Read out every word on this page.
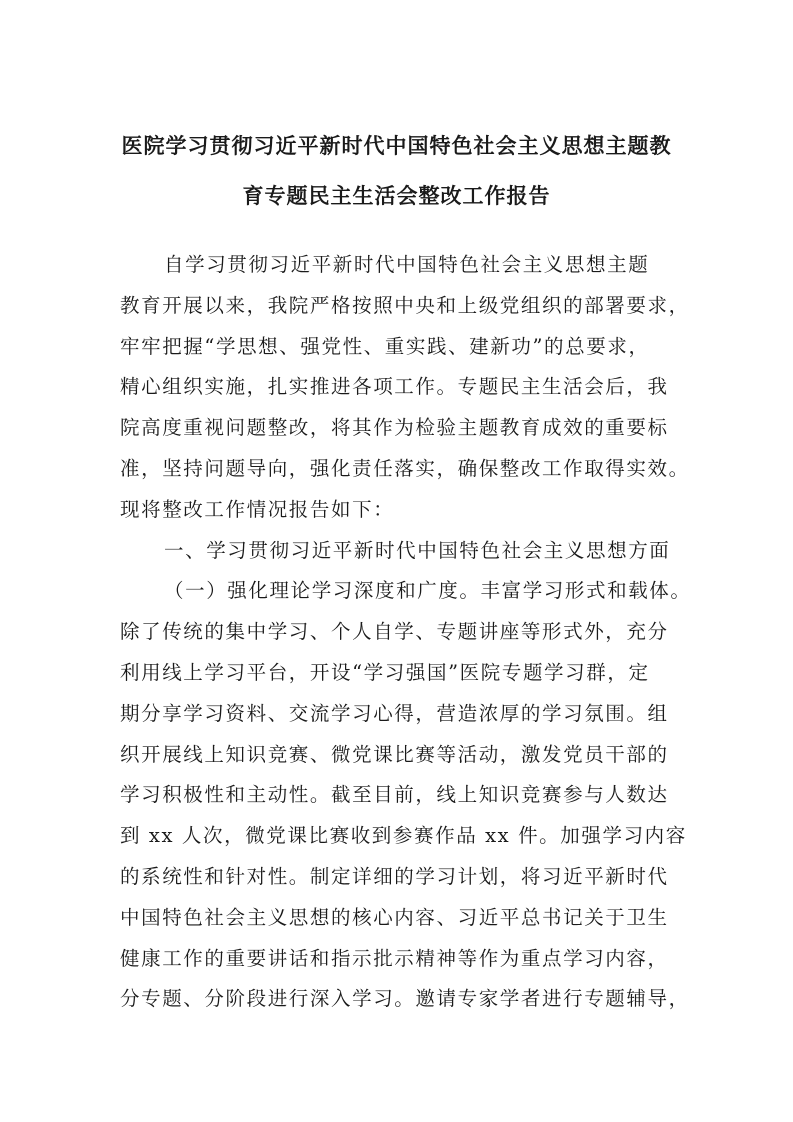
医院学习贯彻习近平新时代中国特色社会主义思想主题教
育专题民主生活会整改工作报告
自学习贯彻习近平新时代中国特色社会主义思想主题
教育开展以来，我院严格按照中央和上级党组织的部署要求，
牢牢把握“学思想、强党性、重实践、建新功”的总要求，
精心组织实施，扎实推进各项工作。专题民主生活会后，我
院高度重视问题整改，将其作为检验主题教育成效的重要标
准，坚持问题导向，强化责任落实，确保整改工作取得实效。
现将整改工作情况报告如下：
一、学习贯彻习近平新时代中国特色社会主义思想方面
（一）强化理论学习深度和广度。丰富学习形式和载体。
除了传统的集中学习、个人自学、专题讲座等形式外，充分
利用线上学习平台，开设“学习强国”医院专题学习群，定
期分享学习资料、交流学习心得，营造浓厚的学习氛围。组
织开展线上知识竞赛、微党课比赛等活动，激发党员干部的
学习积极性和主动性。截至目前，线上知识竞赛参与人数达
到 xx 人次，微党课比赛收到参赛作品 xx 件。加强学习内容
的系统性和针对性。制定详细的学习计划，将习近平新时代
中国特色社会主义思想的核心内容、习近平总书记关于卫生
健康工作的重要讲话和指示批示精神等作为重点学习内容，
分专题、分阶段进行深入学习。邀请专家学者进行专题辅导，
